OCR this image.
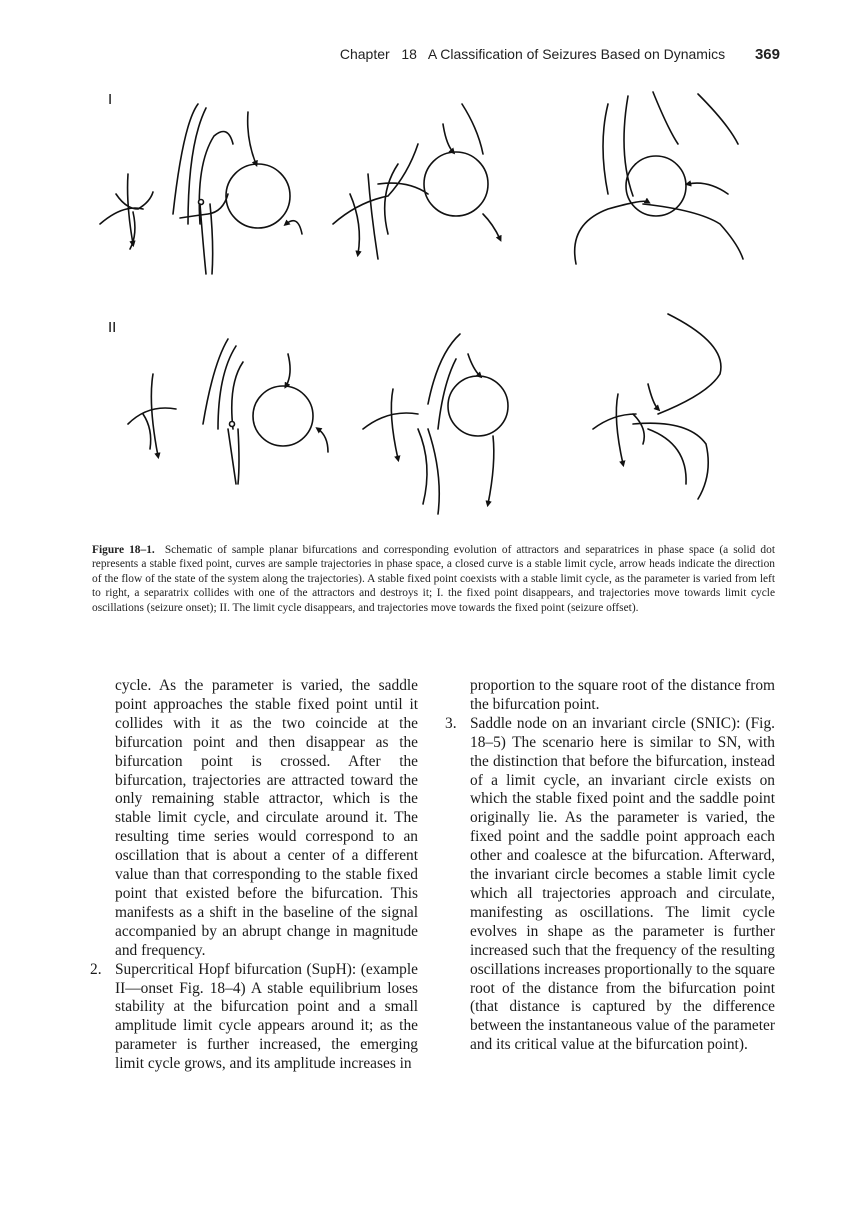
Chapter 18 A Classification of Seizures Based on Dynamics 369
I
II
Figure 18–1. Schematic of sample planar bifurcations and corresponding evolution of attractors and separatrices in phase space (a solid dot represents a stable fixed point, curves are sample trajectories in phase space, a closed curve is a stable limit cycle, arrow heads indicate the direction of the flow of the state of the system along the trajectories). A stable fixed point coexists with a stable limit cycle, as the parameter is varied from left to right, a separatrix collides with one of the attractors and destroys it; I. the fixed point disappears, and trajectories move towards limit cycle oscillations (seizure onset); II. The limit cycle disappears, and trajectories move towards the fixed point (seizure offset).

cycle. As the parameter is varied, the saddle point approaches the stable fixed point until it collides with it as the two coincide at the bifurcation point and then disappear as the bifurcation point is crossed. After the bifurcation, trajectories are attracted toward the only remaining stable attractor, which is the stable limit cycle, and circulate around it. The resulting time series would correspond to an oscillation that is about a center of a different value than that corresponding to the stable fixed point that existed before the bifurcation. This manifests as a shift in the baseline of the signal accompanied by an abrupt change in magnitude and frequency.

2. Supercritical Hopf bifurcation (SupH): (example II—onset Fig. 18–4) A stable equilibrium loses stability at the bifurcation point and a small amplitude limit cycle appears around it; as the parameter is further increased, the emerging limit cycle grows, and its amplitude increases in

proportion to the square root of the distance from the bifurcation point.

3. Saddle node on an invariant circle (SNIC): (Fig. 18–5) The scenario here is similar to SN, with the distinction that before the bifurcation, instead of a limit cycle, an invariant circle exists on which the stable fixed point and the saddle point originally lie. As the parameter is varied, the fixed point and the saddle point approach each other and coalesce at the bifurcation. Afterward, the invariant circle becomes a stable limit cycle which all trajectories approach and circulate, manifesting as oscillations. The limit cycle evolves in shape as the parameter is further increased such that the frequency of the resulting oscillations increases proportionally to the square root of the distance from the bifurcation point (that distance is captured by the difference between the instantaneous value of the parameter and its critical value at the bifurcation point).
